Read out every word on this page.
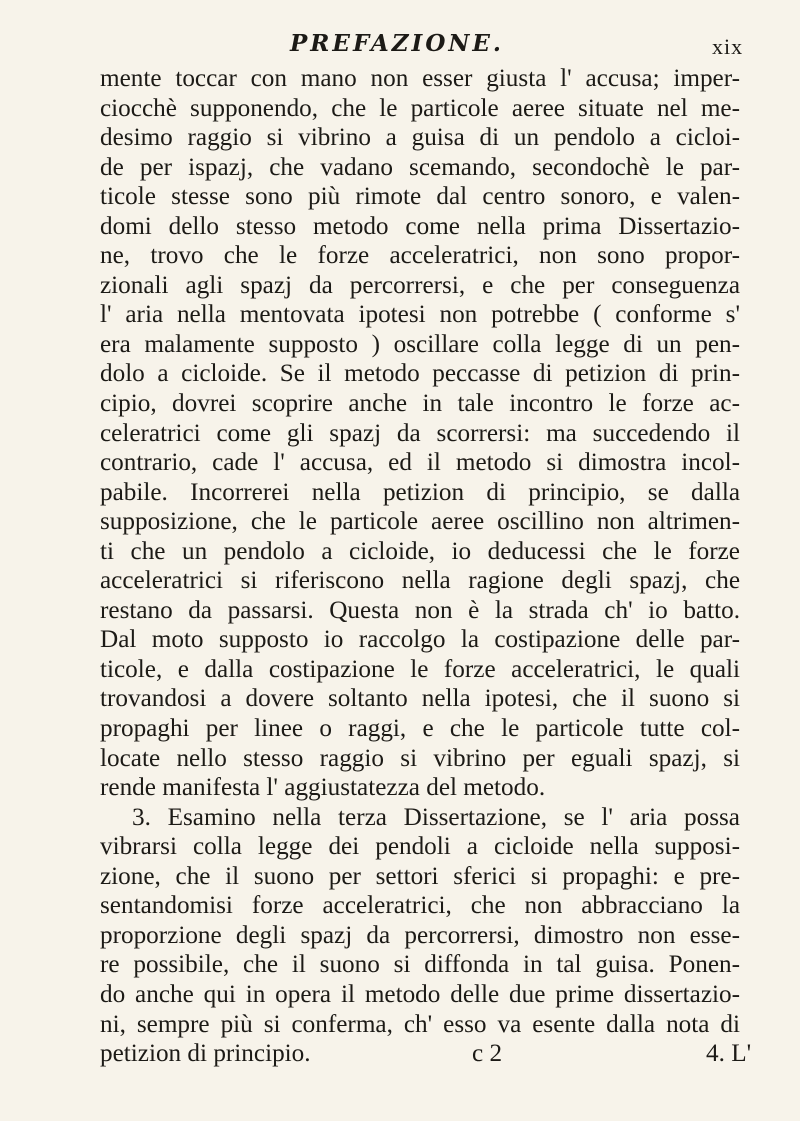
PREFAZIONE.	xix
mente toccar con mano non esser giusta l' accusa; imper-
ciocchè supponendo, che le particole aeree situate nel me-
desimo raggio si vibrino a guisa di un pendolo a cicloi-
de per ispazj, che vadano scemando, secondochè le par-
ticole stesse sono più rimote dal centro sonoro, e valen-
domi dello stesso metodo come nella prima Dissertazio-
ne, trovo che le forze acceleratrici, non sono propor-
zionali agli spazj da percorrersi, e che per conseguenza
l' aria nella mentovata ipotesi non potrebbe ( conforme s'
era malamente supposto ) oscillare colla legge di un pen-
dolo a cicloide. Se il metodo peccasse di petizion di prin-
cipio, dovrei scoprire anche in tale incontro le forze ac-
celeratrici come gli spazj da scorrersi: ma succedendo il
contrario, cade l' accusa, ed il metodo si dimostra incol-
pabile. Incorrerei nella petizion di principio, se dalla
supposizione, che le particole aeree oscillino non altrimen-
ti che un pendolo a cicloide, io deducessi che le forze
acceleratrici si riferiscono nella ragione degli spazj, che
restano da passarsi. Questa non è la strada ch' io batto.
Dal moto supposto io raccolgo la costipazione delle par-
ticole, e dalla costipazione le forze acceleratrici, le quali
trovandosi a dovere soltanto nella ipotesi, che il suono si
propaghi per linee o raggi, e che le particole tutte col-
locate nello stesso raggio si vibrino per eguali spazj, si
rende manifesta l' aggiustatezza del metodo.
3. Esamino nella terza Dissertazione, se l' aria possa
vibrarsi colla legge dei pendoli a cicloide nella supposi-
zione, che il suono per settori sferici si propaghi: e pre-
sentandomisi forze acceleratrici, che non abbracciano la
proporzione degli spazj da percorrersi, dimostro non esse-
re possibile, che il suono si diffonda in tal guisa. Ponen-
do anche qui in opera il metodo delle due prime dissertazio-
ni, sempre più si conferma, ch' esso va esente dalla nota di
petizion di principio.	c 2	4. L'
